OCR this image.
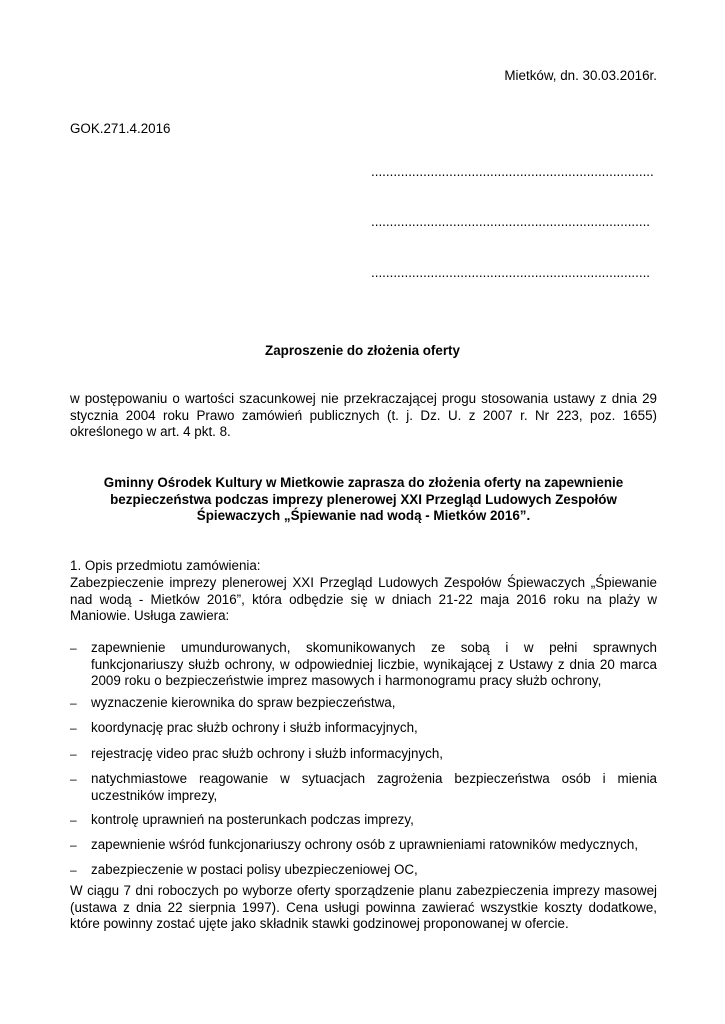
Mietków, dn. 30.03.2016r.
GOK.271.4.2016
............................................................................
...........................................................................
...........................................................................
Zaproszenie do złożenia oferty
w postępowaniu o wartości szacunkowej nie przekraczającej progu stosowania ustawy z dnia 29 stycznia 2004 roku Prawo zamówień publicznych (t. j. Dz. U. z 2007 r. Nr 223, poz. 1655) określonego w art. 4 pkt. 8.
Gminny Ośrodek Kultury w Mietkowie zaprasza do złożenia oferty na zapewnienie bezpieczeństwa podczas imprezy plenerowej XXI Przegląd Ludowych Zespołów Śpiewaczych „Śpiewanie nad wodą - Mietków 2016”.
1. Opis przedmiotu zamówienia:
Zabezpieczenie imprezy plenerowej XXI Przegląd Ludowych Zespołów Śpiewaczych „Śpiewanie nad wodą - Mietków 2016”, która odbędzie się w dniach 21-22 maja 2016 roku na plaży w Maniowie. Usługa zawiera:
–	zapewnienie umundurowanych, skomunikowanych ze sobą i w pełni sprawnych funkcjonariuszy służb ochrony, w odpowiedniej liczbie, wynikającej z Ustawy z dnia 20 marca 2009 roku o bezpieczeństwie imprez masowych i harmonogramu pracy służb ochrony,
–	wyznaczenie kierownika do spraw bezpieczeństwa,
–	koordynację prac służb ochrony i służb informacyjnych,
–	rejestrację video prac służb ochrony i służb informacyjnych,
–	natychmiastowe reagowanie w sytuacjach zagrożenia bezpieczeństwa osób i mienia uczestników imprezy,
–	kontrolę uprawnień na posterunkach podczas imprezy,
–	zapewnienie wśród funkcjonariuszy ochrony osób z uprawnieniami ratowników medycznych,
–	zabezpieczenie w postaci polisy ubezpieczeniowej OC,
W ciągu 7 dni roboczych po wyborze oferty sporządzenie planu zabezpieczenia imprezy masowej (ustawa z dnia 22 sierpnia 1997). Cena usługi powinna zawierać wszystkie koszty dodatkowe, które powinny zostać ujęte jako składnik stawki godzinowej proponowanej w ofercie.
